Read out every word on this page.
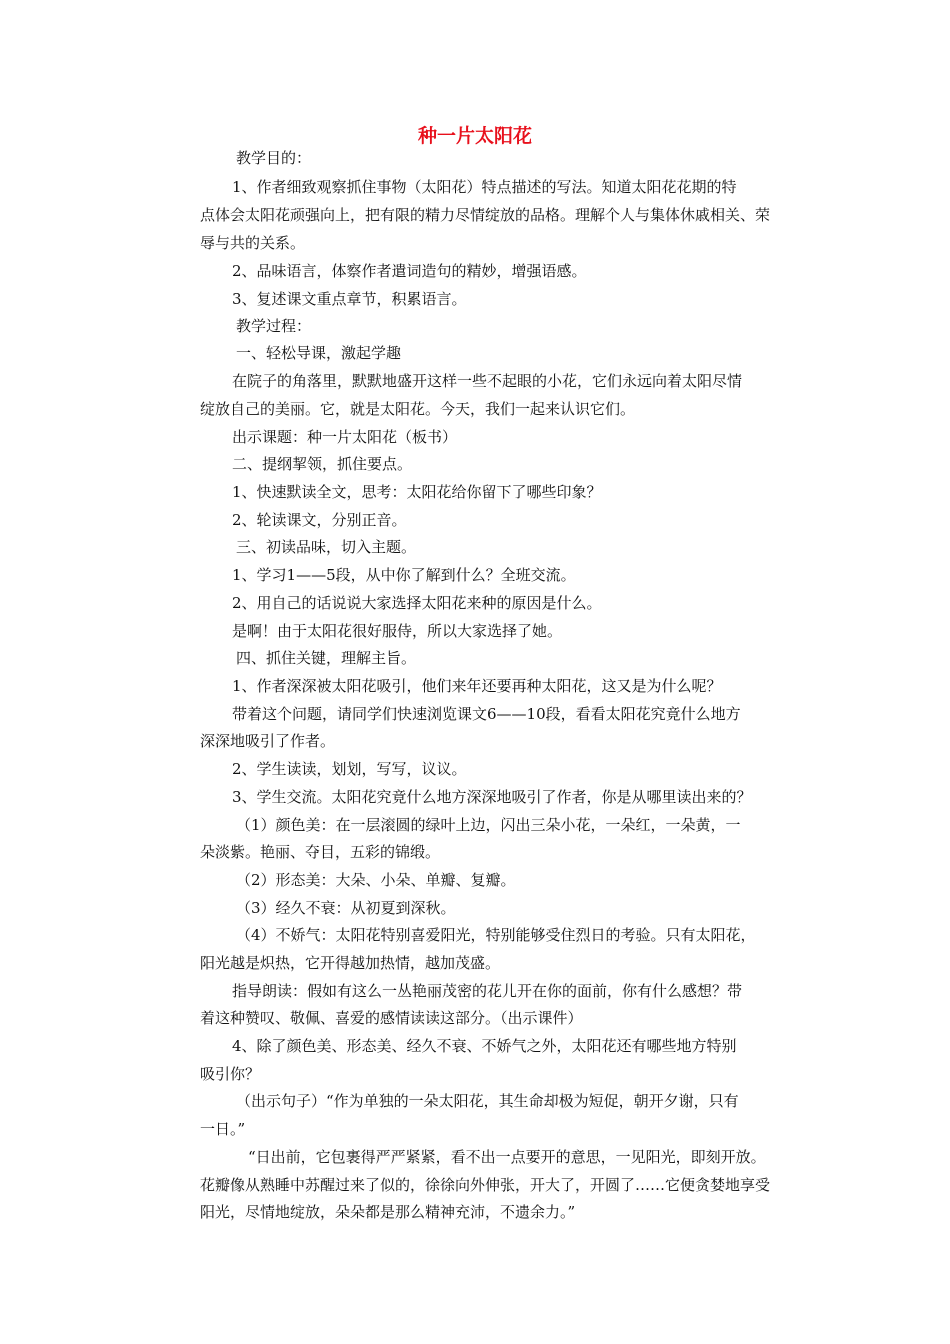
种一片太阳花
教学目的：
1、作者细致观察抓住事物（太阳花）特点描述的写法。知道太阳花花期的特
点体会太阳花顽强向上，把有限的精力尽情绽放的品格。理解个人与集体休戚相关、荣
辱与共的关系。
2、品味语言，体察作者遣词造句的精妙，增强语感。
3、复述课文重点章节，积累语言。
教学过程：
一、轻松导课，激起学趣
在院子的角落里，默默地盛开这样一些不起眼的小花，它们永远向着太阳尽情
绽放自己的美丽。它，就是太阳花。今天，我们一起来认识它们。
出示课题：种一片太阳花（板书）
二、提纲挈领，抓住要点。
1、快速默读全文，思考：太阳花给你留下了哪些印象？
2、轮读课文，分别正音。
三、初读品味，切入主题。
1、学习1——5段，从中你了解到什么？全班交流。
2、用自己的话说说大家选择太阳花来种的原因是什么。
是啊！由于太阳花很好服侍，所以大家选择了她。
四、抓住关键，理解主旨。
1、作者深深被太阳花吸引，他们来年还要再种太阳花，这又是为什么呢？
带着这个问题，请同学们快速浏览课文6——10段，看看太阳花究竟什么地方
深深地吸引了作者。
2、学生读读，划划，写写，议议。
3、学生交流。太阳花究竟什么地方深深地吸引了作者，你是从哪里读出来的？
（1）颜色美：在一层滚圆的绿叶上边，闪出三朵小花，一朵红，一朵黄，一
朵淡紫。艳丽、夺目，五彩的锦缎。
（2）形态美：大朵、小朵、单瓣、复瓣。
（3）经久不衰：从初夏到深秋。
（4）不娇气：太阳花特别喜爱阳光，特别能够受住烈日的考验。只有太阳花，
阳光越是炽热，它开得越加热情，越加茂盛。
指导朗读：假如有这么一丛艳丽茂密的花儿开在你的面前，你有什么感想？带
着这种赞叹、敬佩、喜爱的感情读读这部分。（出示课件）
4、除了颜色美、形态美、经久不衰、不娇气之外，太阳花还有哪些地方特别
吸引你？
（出示句子）“作为单独的一朵太阳花，其生命却极为短促，朝开夕谢，只有
一日。”
“日出前，它包裹得严严紧紧，看不出一点要开的意思，一见阳光，即刻开放。
花瓣像从熟睡中苏醒过来了似的，徐徐向外伸张，开大了，开圆了……它便贪婪地享受
阳光，尽情地绽放，朵朵都是那么精神充沛，不遗余力。”
